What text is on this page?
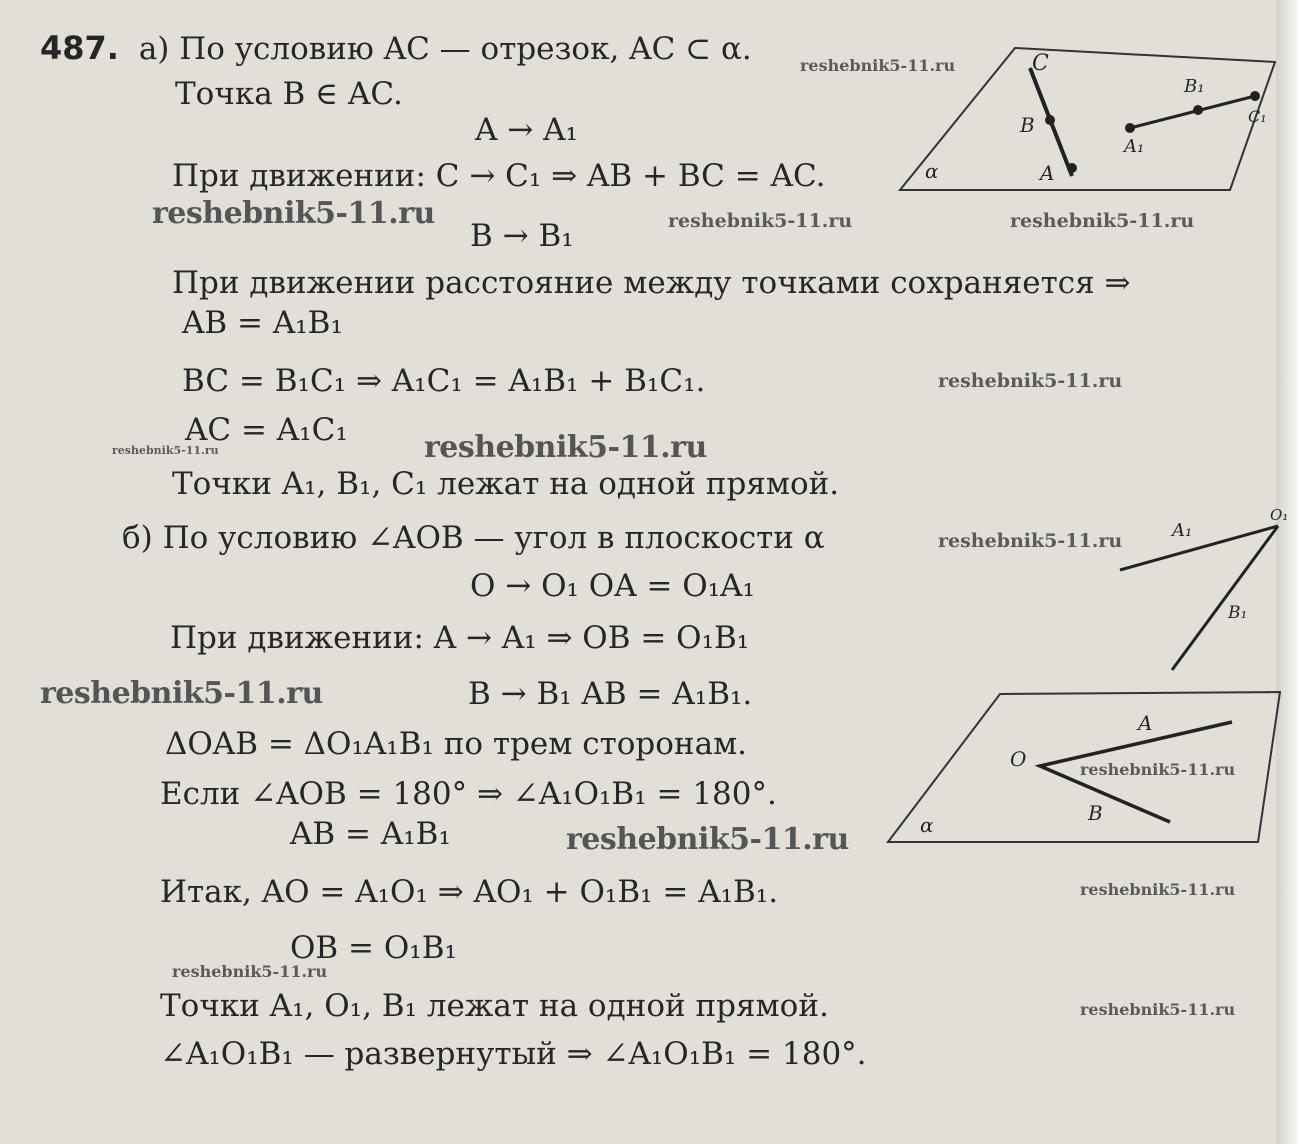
487. а) По условию AC — отрезок, AC ⊂ α.
Точка B ∈ AC.
A → A₁
При движении: C → C₁ ⇒ AB + BC = AC.
B → B₁
При движении расстояние между точками сохраняется ⇒
AB = A₁B₁
BC = B₁C₁ ⇒ A₁C₁ = A₁B₁ + B₁C₁.
AC = A₁C₁
Точки A₁, B₁, C₁ лежат на одной прямой.
б) По условию ∠AOB — угол в плоскости α
O → O₁ OA = O₁A₁
При движении: A → A₁ ⇒ OB = O₁B₁
B → B₁ AB = A₁B₁.
ΔOAB = ΔO₁A₁B₁ по трем сторонам.
Если ∠AOB = 180° ⇒ ∠A₁O₁B₁ = 180°.
AB = A₁B₁
Итак, AO = A₁O₁ ⇒ AO₁ + O₁B₁ = A₁B₁.
OB = O₁B₁
Точки A₁, O₁, B₁ лежат на одной прямой.
∠A₁O₁B₁ — развернутый ⇒ ∠A₁O₁B₁ = 180°.
reshebnik5-11.ru
reshebnik5-11.ru	reshebnik5-11.ru	reshebnik5-11.ru
reshebnik5-11.ru
reshebnik5-11.ru	reshebnik5-11.ru
reshebnik5-11.ru
reshebnik5-11.ru
reshebnik5-11.ru
reshebnik5-11.ru
reshebnik5-11.ru
reshebnik5-11.ru
reshebnik5-11.ru
α
C
B
A
B₁
C₁
A₁
A₁
O₁
B₁
O
A
B
α
